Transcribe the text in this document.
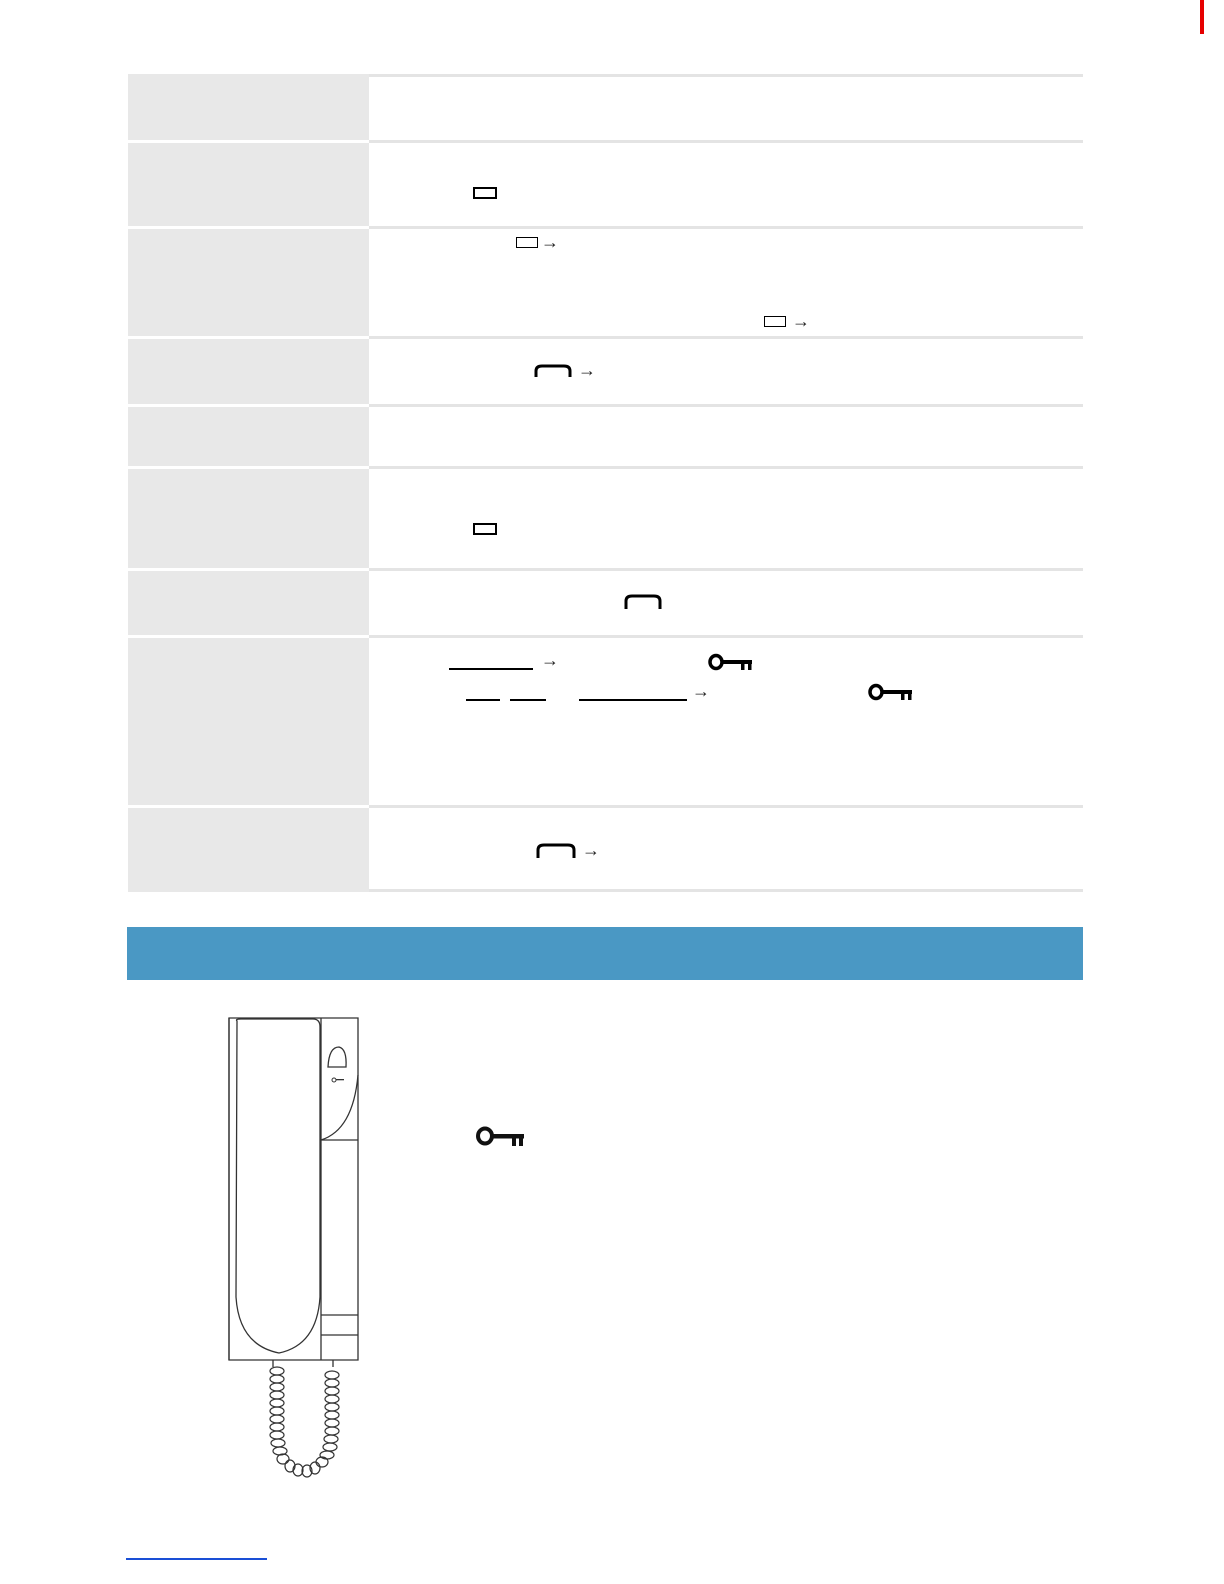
→
→
→
→
→
→
